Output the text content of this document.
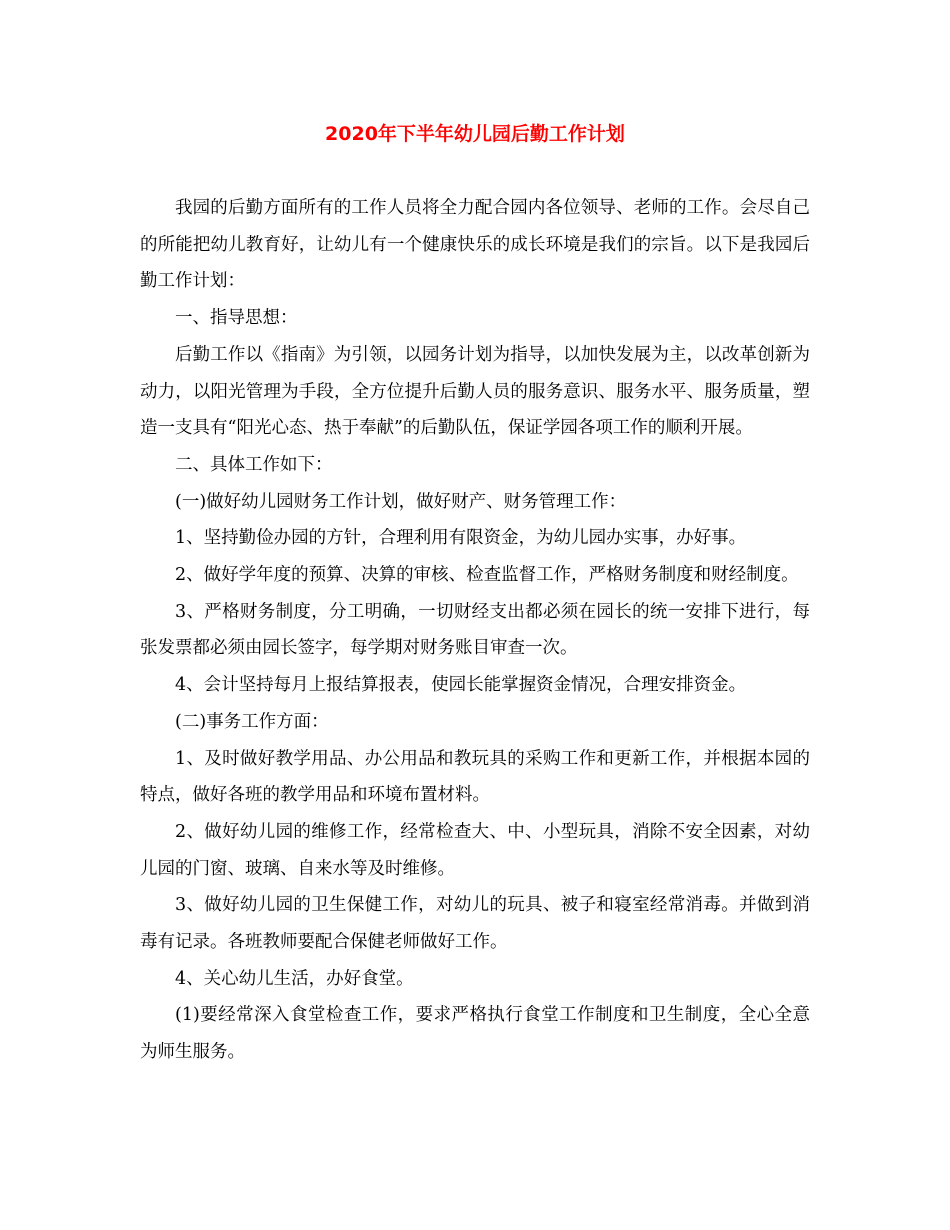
2020年下半年幼儿园后勤工作计划

我园的后勤方面所有的工作人员将全力配合园内各位领导、老师的工作。会尽自己的所能把幼儿教育好，让幼儿有一个健康快乐的成长环境是我们的宗旨。以下是我园后勤工作计划：

一、指导思想：

后勤工作以《指南》为引领，以园务计划为指导，以加快发展为主，以改革创新为动力，以阳光管理为手段，全方位提升后勤人员的服务意识、服务水平、服务质量，塑造一支具有“阳光心态、热于奉献”的后勤队伍，保证学园各项工作的顺利开展。

二、具体工作如下：

(一)做好幼儿园财务工作计划，做好财产、财务管理工作：

1、坚持勤俭办园的方针，合理利用有限资金，为幼儿园办实事，办好事。

2、做好学年度的预算、决算的审核、检查监督工作，严格财务制度和财经制度。

3、严格财务制度，分工明确，一切财经支出都必须在园长的统一安排下进行，每张发票都必须由园长签字，每学期对财务账目审查一次。

4、会计坚持每月上报结算报表，使园长能掌握资金情况，合理安排资金。

(二)事务工作方面：

1、及时做好教学用品、办公用品和教玩具的采购工作和更新工作，并根据本园的特点，做好各班的教学用品和环境布置材料。

2、做好幼儿园的维修工作，经常检查大、中、小型玩具，消除不安全因素，对幼儿园的门窗、玻璃、自来水等及时维修。

3、做好幼儿园的卫生保健工作，对幼儿的玩具、被子和寝室经常消毒。并做到消毒有记录。各班教师要配合保健老师做好工作。

4、关心幼儿生活，办好食堂。

(1)要经常深入食堂检查工作，要求严格执行食堂工作制度和卫生制度，全心全意为师生服务。
